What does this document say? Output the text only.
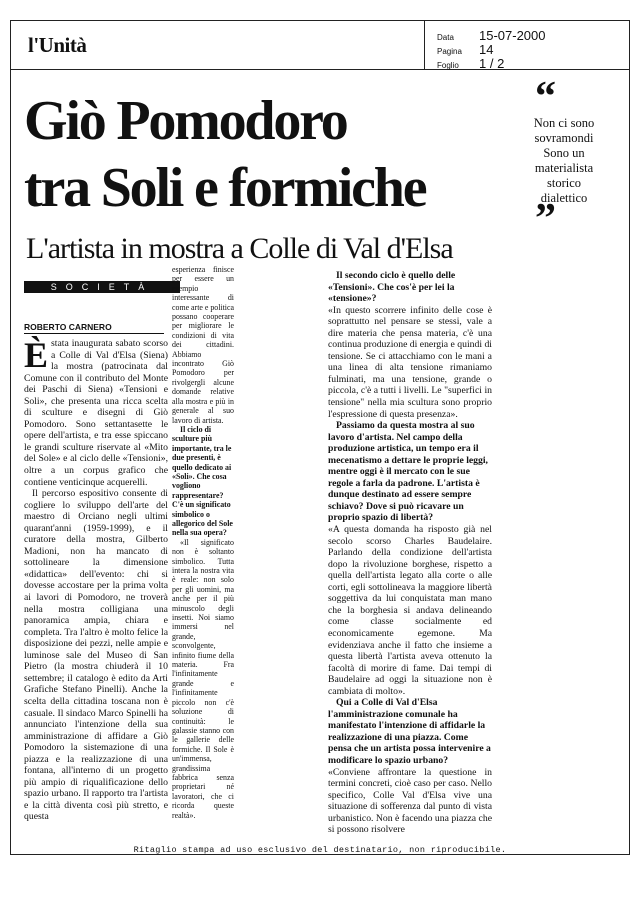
l'Unità	Data 15-07-2000
Pagina 14
Foglio 1 / 2
Giò Pomodoro
tra Soli e formiche
“
Non ci sono
sovramondi
Sono un
materialista
storico
dialettico
”
L'artista in mostra a Colle di Val d'Elsa
SOCIETÀ
ROBERTO CARNERO
È stata inaugurata sabato scorso a Colle di Val d'Elsa (Siena) la mostra (patrocinata dal Comune con il contributo del Monte dei Paschi di Siena) «Tensioni e Soli», che presenta una ricca scelta di sculture e disegni di Giò Pomodoro. Sono settantasette le opere dell'artista, e tra esse spiccano le grandi sculture riservate al «Mito del Sole» e al ciclo delle «Tensioni», oltre a un corpus grafico che contiene venticinque acquerelli.

Il percorso espositivo consente di cogliere lo sviluppo dell'arte del maestro di Orciano negli ultimi quarant'anni (1959-1999), e il curatore della mostra, Gilberto Madioni, non ha mancato di sottolineare la dimensione «didattica» dell'evento: chi si dovesse accostare per la prima volta ai lavori di Pomodoro, ne troverà nella mostra colligiana una panoramica ampia, chiara e completa. Tra l'altro è molto felice la disposizione dei pezzi, nelle ampie e luminose sale del Museo di San Pietro (la mostra chiuderà il 10 settembre; il catalogo è edito da Arti Grafiche Stefano Pinelli). Anche la scelta della cittadina toscana non è casuale. Il sindaco Marco Spinelli ha annunciato l'intenzione della sua amministrazione di affidare a Giò Pomodoro la sistemazione di una piazza e la realizzazione di una fontana, all'interno di un progetto più ampio di riqualificazione dello spazio urbano. Il rapporto tra l'artista e la città diventa così più stretto, e questa

esperienza finisce per essere un esempio interessante di come arte e politica possano cooperare per migliorare le condizioni di vita dei cittadini. Abbiamo incontrato Giò Pomodoro per rivolgergli alcune domande relative alla mostra e più in generale al suo lavoro di artista.

Il ciclo di sculture più importante, tra le due presenti, è quello dedicato ai «Soli». Che cosa vogliono rappresentare? C'è un significato simbolico o allegorico del Sole nella sua opera?

«Il significato non è soltanto simbolico. Tutta intera la nostra vita è reale: non solo per gli uomini, ma anche per il più minuscolo degli insetti. Noi siamo immersi nel grande, sconvolgente, infinito fiume della materia. Fra l'infinitamente grande e l'infinitamente piccolo non c'è soluzione di continuità: le galassie stanno con le gallerie delle formiche. Il Sole è un'immensa, grandissima fabbrica senza proprietari né lavoratori, che ci ricorda queste realtà».

Il secondo ciclo è quello delle «Tensioni». Che cos'è per lei la «tensione»?

«In questo scorrere infinito delle cose è soprattutto nel pensare se stessi, vale a dire materia che pensa materia, c'è una continua produzione di energia e quindi di tensione. Se ci attacchiamo con le mani a una linea di alta tensione rimaniamo fulminati, ma una tensione, grande o piccola, c'è a tutti i livelli. Le "superfici in tensione" nella mia scultura sono proprio l'espressione di questa presenza».

Passiamo da questa mostra al suo lavoro d'artista. Nel campo della produzione artistica, un tempo era il mecenatismo a dettare le proprie leggi, mentre oggi è il mercato con le sue regole a farla da padrone. L'artista è dunque destinato ad essere sempre schiavo? Dove si può ricavare un proprio spazio di libertà?

«A questa domanda ha risposto già nel secolo scorso Charles Baudelaire. Parlando della condizione dell'artista dopo la rivoluzione borghese, rispetto a quella dell'artista legato alla corte o alle corti, egli sottolineava la maggiore libertà soggettiva da lui conquistata man mano che la borghesia si andava delineando come classe socialmente ed economicamente egemone. Ma evidenziava anche il fatto che insieme a questa libertà l'artista aveva ottenuto la facoltà di morire di fame. Dai tempi di Baudelaire ad oggi la situazione non è cambiata di molto».

Qui a Colle di Val d'Elsa l'amministrazione comunale ha manifestato l'intenzione di affidarle la realizzazione di una piazza. Come pensa che un artista possa intervenire a modificare lo spazio urbano?

«Conviene affrontare la questione in termini concreti, cioè caso per caso. Nello specifico, Colle Val d'Elsa vive una situazione di sofferenza dal punto di vista urbanistico. Non è facendo una piazza che si possono risolvere

Ritaglio stampa ad uso esclusivo del destinatario, non riproducibile.
